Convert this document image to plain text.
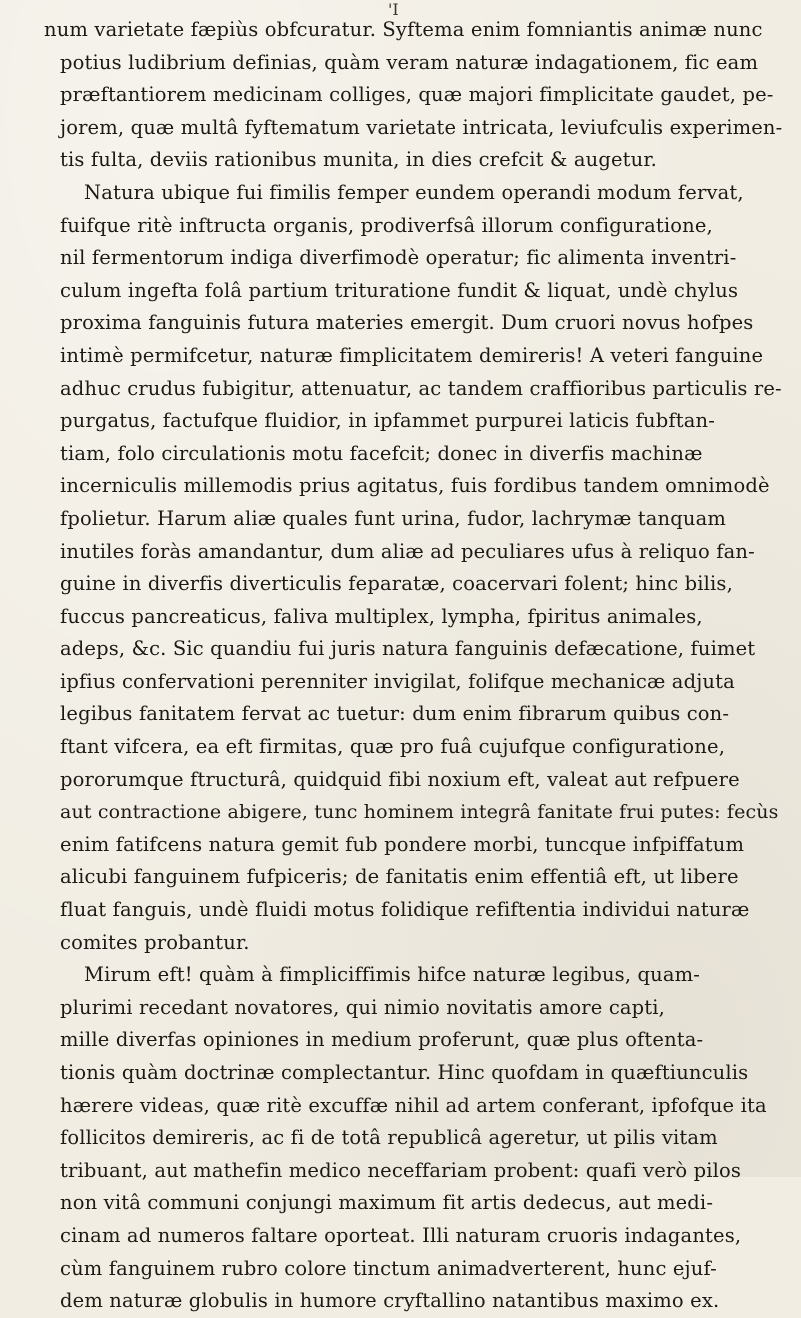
'I
num varietate fæpiùs obfcuratur. Syftema enim fomniantis animæ nunc
potius ludibrium definias, quàm veram naturæ indagationem, fic eam
præftantiorem medicinam colliges, quæ majori fimplicitate gaudet, pe-
jorem, quæ multâ fyftematum varietate intricata, leviufculis experimen-
tis fulta, deviis rationibus munita, in dies crefcit & augetur.
Natura ubique fui fimilis femper eundem operandi modum fervat,
fuifque ritè inftructa organis, prodiverfsâ illorum configuratione,
nil fermentorum indiga diverfimodè operatur; fic alimenta inventri-
culum ingefta folâ partium trituratione fundit & liquat, undè chylus
proxima fanguinis futura materies emergit. Dum cruori novus hofpes
intimè permifcetur, naturæ fimplicitatem demireris! A veteri fanguine
adhuc crudus fubigitur, attenuatur, ac tandem craffioribus particulis re-
purgatus, factufque fluidior, in ipfammet purpurei laticis fubftan-
tiam, folo circulationis motu facefcit; donec in diverfis machinæ
incerniculis millemodis prius agitatus, fuis fordibus tandem omnimodè
fpolietur. Harum aliæ quales funt urina, fudor, lachrymæ tanquam
inutiles foràs amandantur, dum aliæ ad peculiares ufus à reliquo fan-
guine in diverfis diverticulis feparatæ, coacervari folent; hinc bilis,
fuccus pancreaticus, faliva multiplex, lympha, fpiritus animales,
adeps, &c. Sic quandiu fui juris natura fanguinis defæcatione, fuimet
ipfius confervationi perenniter invigilat, folifque mechanicæ adjuta
legibus fanitatem fervat ac tuetur: dum enim fibrarum quibus con-
ftant vifcera, ea eft firmitas, quæ pro fuâ cujufque configuratione,
pororumque ftructurâ, quidquid fibi noxium eft, valeat aut refpuere
aut contractione abigere, tunc hominem integrâ fanitate frui putes: fecùs
enim fatifcens natura gemit fub pondere morbi, tuncque infpiffatum
alicubi fanguinem fufpiceris; de fanitatis enim effentiâ eft, ut libere
fluat fanguis, undè fluidi motus folidique refiftentia individui naturæ
comites probantur.
Mirum eft! quàm à fimpliciffimis hifce naturæ legibus, quam-
plurimi recedant novatores, qui nimio novitatis amore capti,
mille diverfas opiniones in medium proferunt, quæ plus oftenta-
tionis quàm doctrinæ complectantur. Hinc quofdam in quæftiunculis
hærere videas, quæ ritè excuffæ nihil ad artem conferant, ipfofque ita
follicitos demireris, ac fi de totâ republicâ ageretur, ut pilis vitam
tribuant, aut mathefin medico neceffariam probent: quafi verò pilos
non vitâ communi conjungi maximum fit artis dedecus, aut medi-
cinam ad numeros faltare oporteat. Illi naturam cruoris indagantes,
cùm fanguinem rubro colore tinctum animadverterent, hunc ejuf-
dem naturæ globulis in humore cryftallino natantibus maximo ex.
